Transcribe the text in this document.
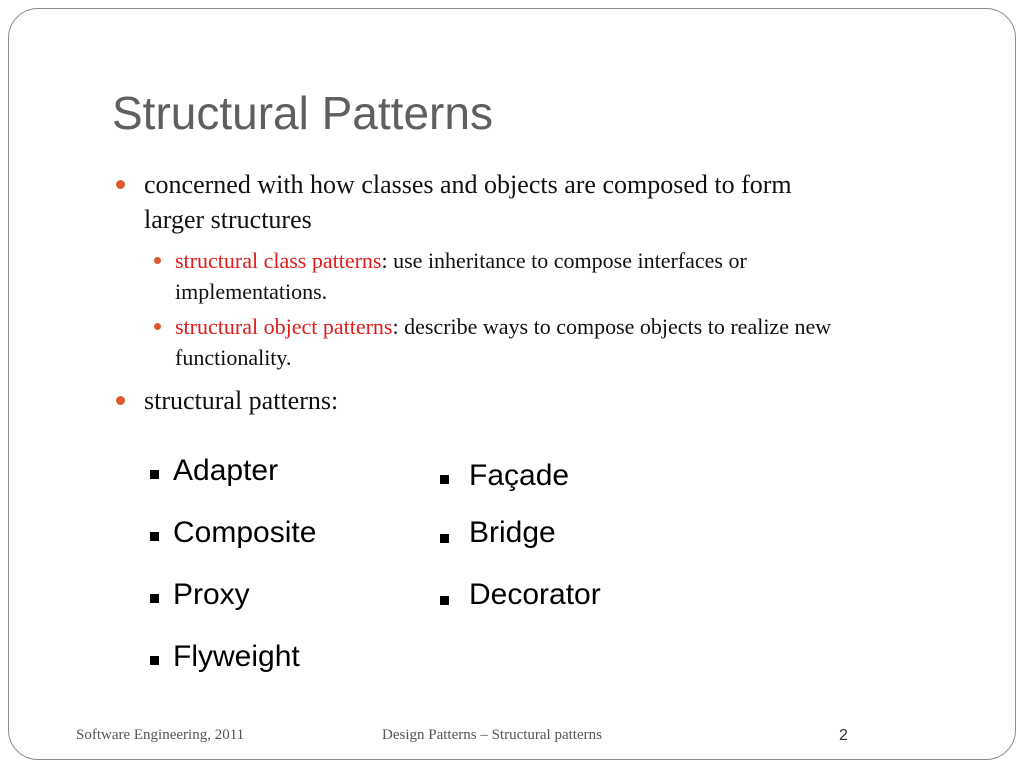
Structural Patterns
concerned with how classes and objects are composed to form
larger structures
structural class patterns: use inheritance to compose interfaces or
implementations.
structural object patterns: describe ways to compose objects to realize new
functionality.
structural patterns:
Adapter
Composite
Proxy
Flyweight
Façade
Bridge
Decorator
Software Engineering, 2011	Design Patterns – Structural patterns	2
